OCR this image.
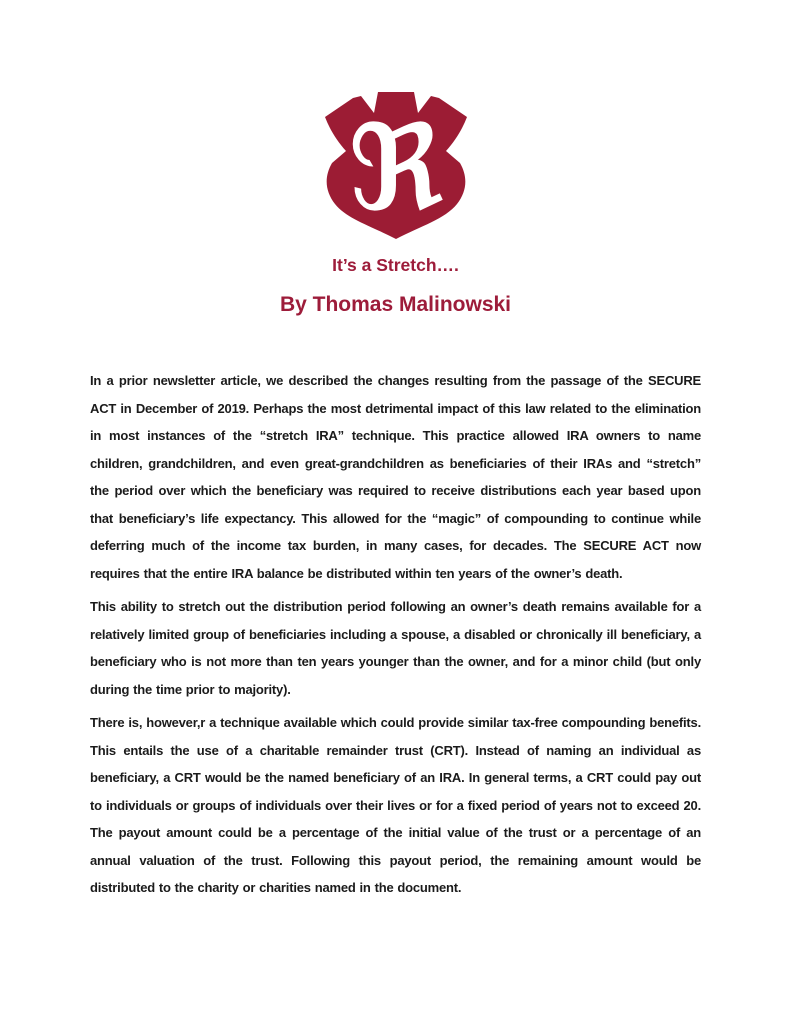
ℜ
It’s a Stretch….
By Thomas Malinowski

In a prior newsletter article, we described the changes resulting from the passage of the SECURE ACT in December of 2019. Perhaps the most detrimental impact of this law related to the elimination in most instances of the “stretch IRA” technique. This practice allowed IRA owners to name children, grandchildren, and even great-grandchildren as beneficiaries of their IRAs and “stretch” the period over which the beneficiary was required to receive distributions each year based upon that beneficiary’s life expectancy. This allowed for the “magic” of compounding to continue while deferring much of the income tax burden, in many cases, for decades. The SECURE ACT now requires that the entire IRA balance be distributed within ten years of the owner’s death.

This ability to stretch out the distribution period following an owner’s death remains available for a relatively limited group of beneficiaries including a spouse, a disabled or chronically ill beneficiary, a beneficiary who is not more than ten years younger than the owner, and for a minor child (but only during the time prior to majority).

There is, however,r a technique available which could provide similar tax-free compounding benefits. This entails the use of a charitable remainder trust (CRT). Instead of naming an individual as beneficiary, a CRT would be the named beneficiary of an IRA. In general terms, a CRT could pay out to individuals or groups of individuals over their lives or for a fixed period of years not to exceed 20. The payout amount could be a percentage of the initial value of the trust or a percentage of an annual valuation of the trust. Following this payout period, the remaining amount would be distributed to the charity or charities named in the document.
